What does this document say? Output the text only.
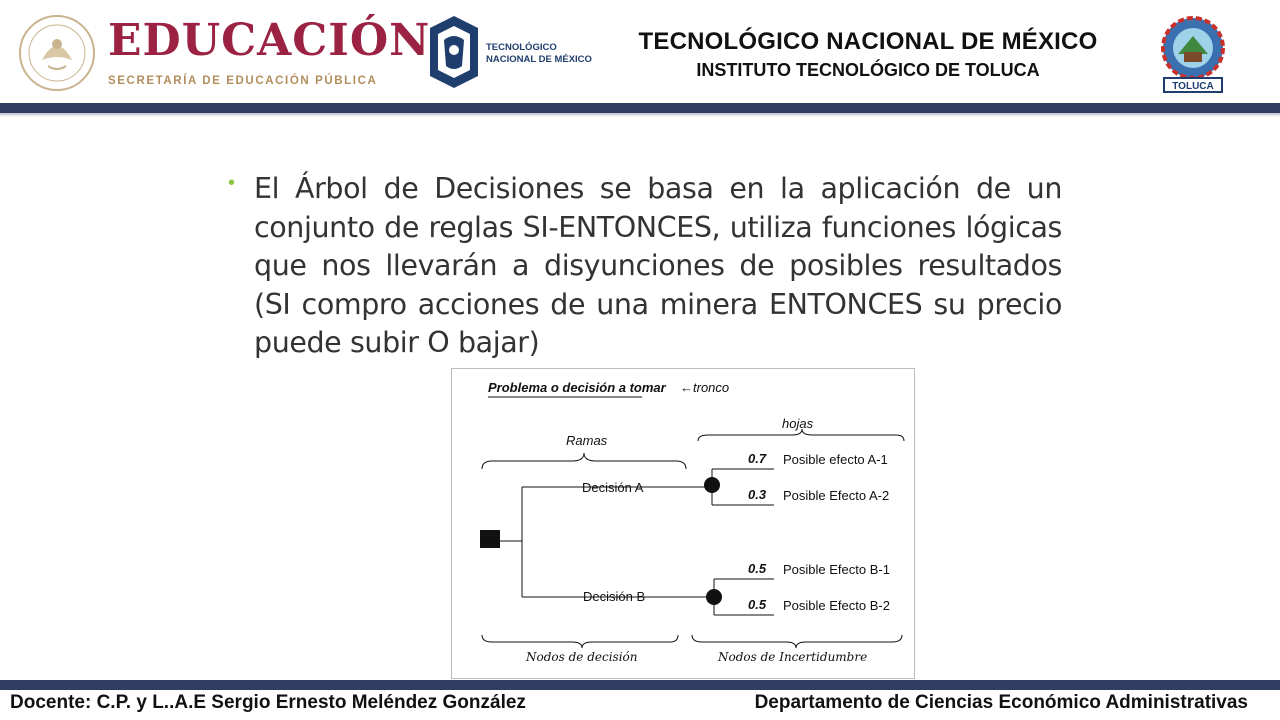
EDUCACIÓN
SECRETARÍA DE EDUCACIÓN PÚBLICA
TECNOLÓGICO
NACIONAL DE MÉXICO
TECNOLÓGICO NACIONAL DE MÉXICO
INSTITUTO TECNOLÓGICO DE TOLUCA
TOLUCA
• El Árbol de Decisiones se basa en la aplicación de un conjunto de reglas SI-ENTONCES, utiliza funciones lógicas que nos llevarán a disyunciones de posibles resultados (SI compro acciones de una minera ENTONCES su precio puede subir O bajar)
Problema o decisión a tomar ←tronco
Ramas
hojas
Decisión A
Decisión B
0.7 Posible efecto A-1
0.3 Posible Efecto A-2
0.5 Posible Efecto B-1
0.5 Posible Efecto B-2
Nodos de decisión	Nodos de Incertidumbre
Docente: C.P. y L..A.E Sergio Ernesto Meléndez González	Departamento de Ciencias Económico Administrativas
